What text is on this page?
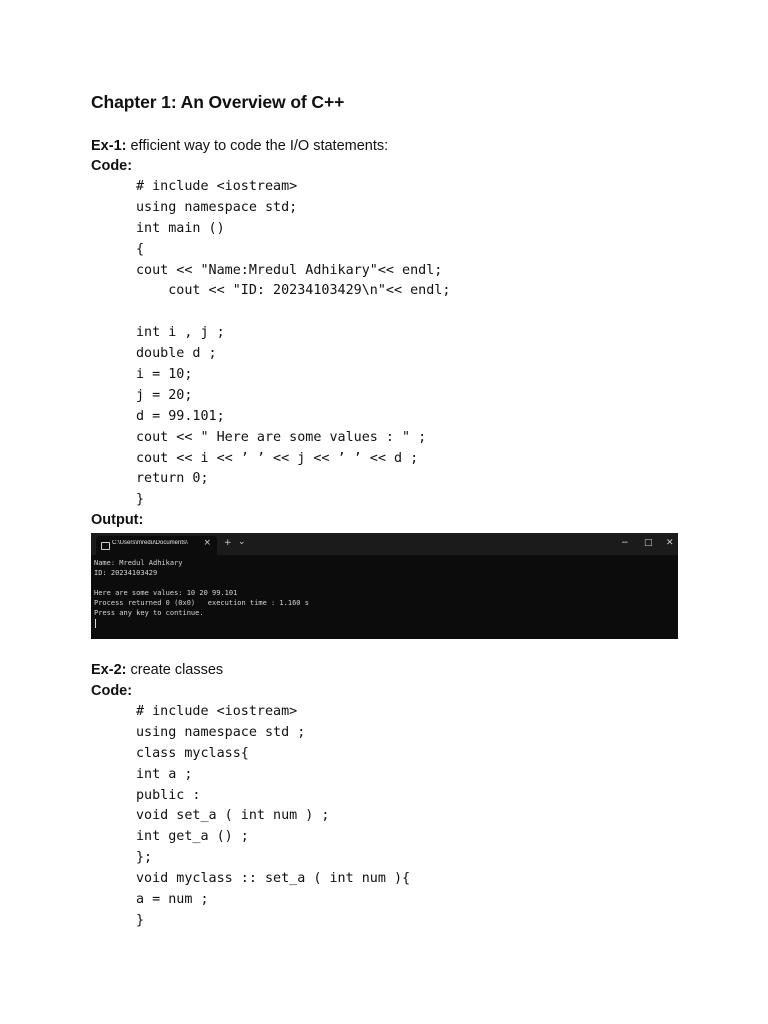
Chapter 1: An Overview of C++
Ex-1: efficient way to code the I/O statements:
Code:
# include <iostream>
using namespace std;
int main ()
{
cout << "Name:Mredul Adhikary"<< endl;
cout << "ID: 20234103429\n"<< endl;
int i , j ;
double d ;
i = 10;
j = 20;
d = 99.101;
cout << " Here are some values : " ;
cout << i << ’ ’ << j << ’ ’ << d ;
return 0;
}
Output:
C:\Users\mredu\Documents\	× + ⌄	− □ ✕
Name: Mredul Adhikary
ID: 20234103429
Here are some values: 10 20 99.101
Process returned 0 (0x0)   execution time : 1.160 s
Press any key to continue.
Ex-2: create classes
Code:
# include <iostream>
using namespace std ;
class myclass{
int a ;
public :
void set_a ( int num ) ;
int get_a () ;
};
void myclass :: set_a ( int num ){
a = num ;
}
